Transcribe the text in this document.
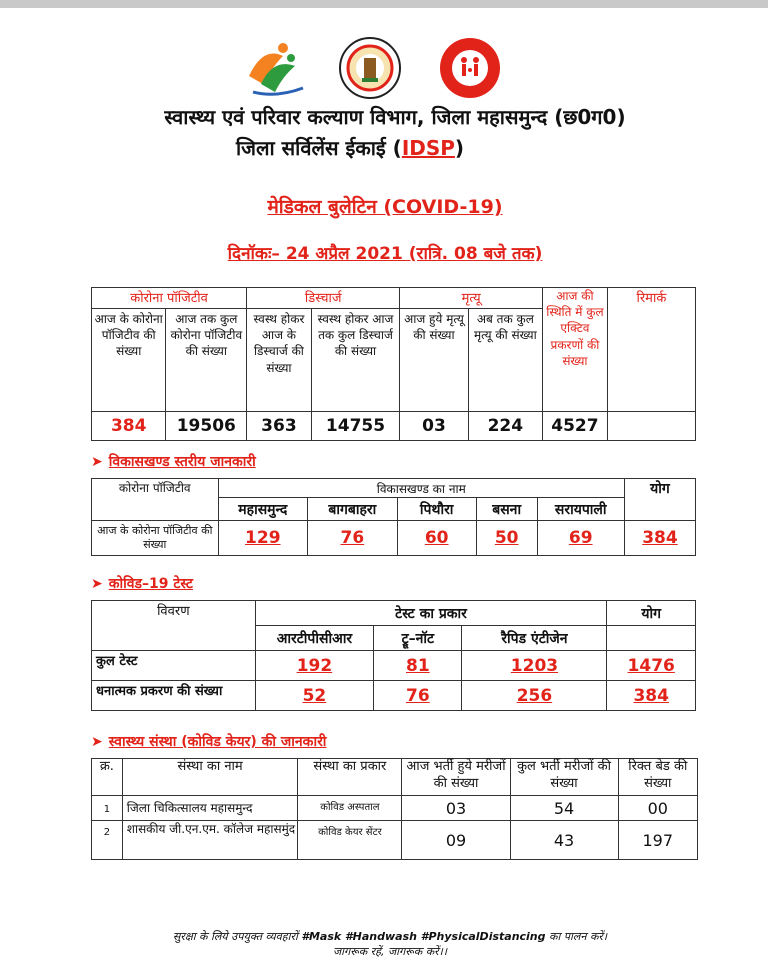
स्वास्थ्य एवं परिवार कल्याण विभाग, जिला महासमुन्द (छ0ग0)
जिला सर्विलेंस ईकाई (IDSP)
मेडिकल बुलेटिन (COVID-19)
दिनॉकः– 24 अप्रैल 2021 (रात्रि. 08 बजे तक)
कोरोना पॉजिटीव		डिस्चार्ज		मृत्यू		आज की स्थिति में कुल एक्टिव प्रकरणों की संख्या	रिमार्क
आज के कोरोना पॉजिटीव की संख्या	आज तक कुल कोरोना पॉजिटीव की संख्या	स्वस्थ होकर आज के डिस्चार्ज की संख्या	स्वस्थ होकर आज तक कुल डिस्चार्ज की संख्या	आज हुये मृत्यू की संख्या	अब तक कुल मृत्यू की संख्या		
384	19506	363	14755	03	224	4527	
➤ विकासखण्ड स्तरीय जानकारी
कोरोना पॉजिटीव	विकासखण्ड का नाम					योग
	महासमुन्द	बागबाहरा	पिथौरा	बसना	सरायपाली	
आज के कोरोना पॉजिटीव की संख्या	129	76	60	50	69	384
➤ कोविड–19 टेस्ट
विवरण	टेस्ट का प्रकार			योग
	आरटीपीसीआर	ट्रू–नॉट	रैपिड एंटीजेन	
कुल टेस्ट	192	81	1203	1476
धनात्मक प्रकरण की संख्या	52	76	256	384
➤ स्वास्थ्य संस्था (कोविड केयर) की जानकारी
क्र.	संस्था का नाम	संस्था का प्रकार	आज भर्ती हुये मरीजों की संख्या	कुल भर्ती मरीजों की संख्या	रिक्त बेड की संख्या
1	जिला चिकित्सालय महासमुन्द	कोविड अस्पताल	03	54	00
2	शासकीय जी.एन.एम. कॉलेज महासमुंद	कोविड केयर सेंटर	09	43	197
सुरक्षा के लिये उपयुक्त व्यवहारों #Mask #Handwash #PhysicalDistancing का पालन करें।
जागरूक रहें, जागरूक करें।।
